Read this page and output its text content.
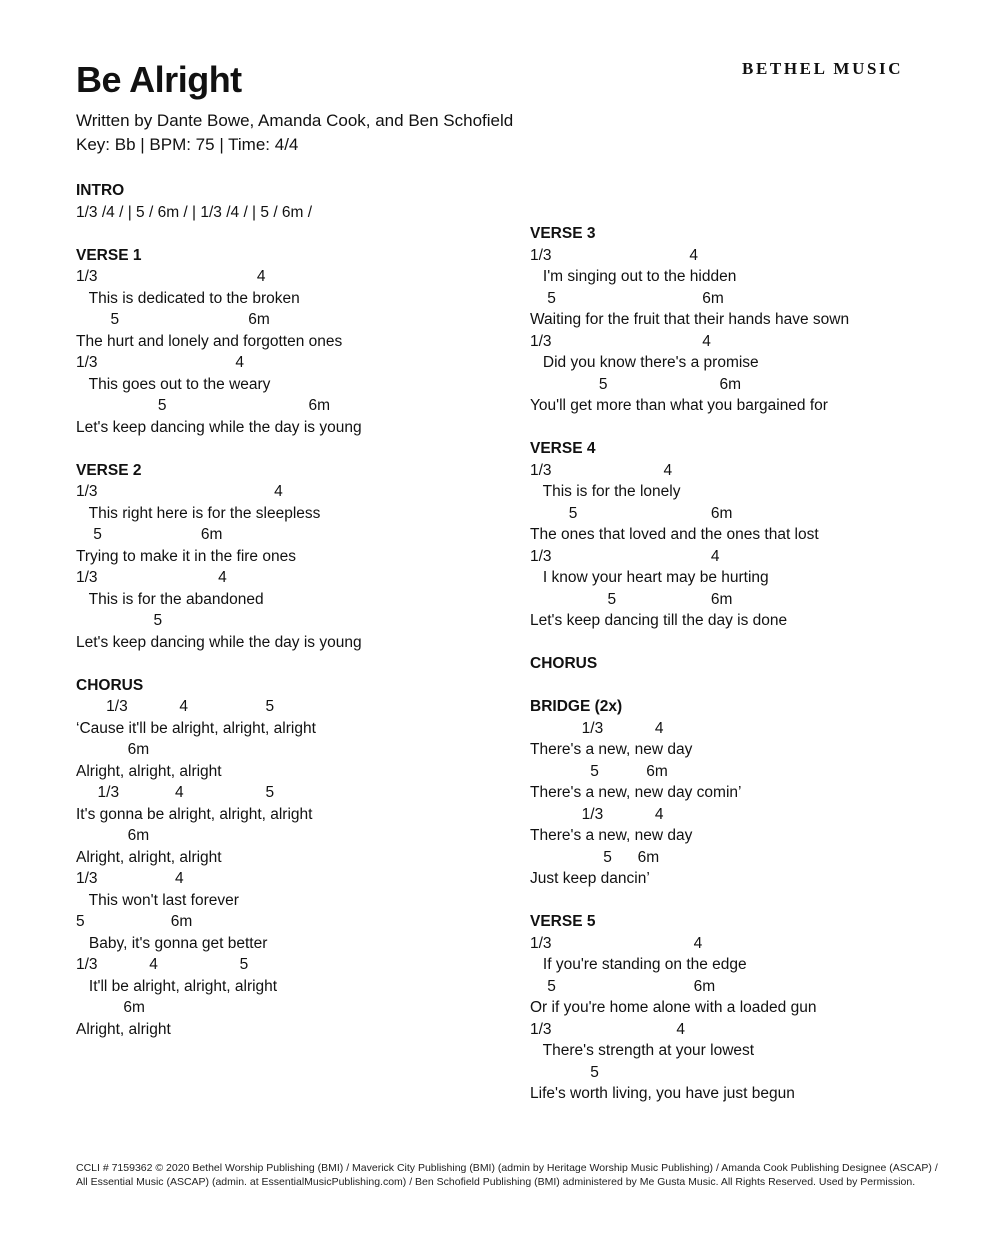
Be Alright	BETHEL MUSIC
Written by Dante Bowe, Amanda Cook, and Ben Schofield
Key: Bb | BPM: 75 | Time: 4/4
INTRO
1/3 /4 / | 5 / 6m / | 1/3 /4 / | 5 / 6m /
VERSE 1
1/3                                     4
This is dedicated to the broken
5                              6m
The hurt and lonely and forgotten ones
1/3                                4
This goes out to the weary
5                                 6m
Let's keep dancing while the day is young
VERSE 2
1/3                                         4
This right here is for the sleepless
5                       6m
Trying to make it in the fire ones
1/3                            4
This is for the abandoned
5
Let's keep dancing while the day is young
CHORUS
1/3            4                  5
‘Cause it'll be alright, alright, alright
6m
Alright, alright, alright
1/3             4                   5
It's gonna be alright, alright, alright
6m
Alright, alright, alright
1/3                  4
This won't last forever
5                    6m
Baby, it's gonna get better
1/3            4                   5
It'll be alright, alright, alright
6m
Alright, alright
VERSE 3
1/3                                4
I'm singing out to the hidden
5                                  6m
Waiting for the fruit that their hands have sown
1/3                                   4
Did you know there's a promise
5                          6m
You'll get more than what you bargained for
VERSE 4
1/3                          4
This is for the lonely
5                               6m
The ones that loved and the ones that lost
1/3                                     4
I know your heart may be hurting
5                      6m
Let's keep dancing till the day is done
CHORUS
BRIDGE (2x)
1/3            4
There's a new, new day
5           6m
There's a new, new day comin’
1/3            4
There's a new, new day
5      6m
Just keep dancin’
VERSE 5
1/3                                 4
If you're standing on the edge
5                                6m
Or if you're home alone with a loaded gun
1/3                             4
There's strength at your lowest
5
Life's worth living, you have just begun
CCLI # 7159362 © 2020 Bethel Worship Publishing (BMI) / Maverick City Publishing (BMI) (admin by Heritage Worship Music Publishing) / Amanda Cook Publishing Designee (ASCAP) / All Essential Music (ASCAP) (admin. at EssentialMusicPublishing.com) / Ben Schofield Publishing (BMI) administered by Me Gusta Music. All Rights Reserved. Used by Permission.
